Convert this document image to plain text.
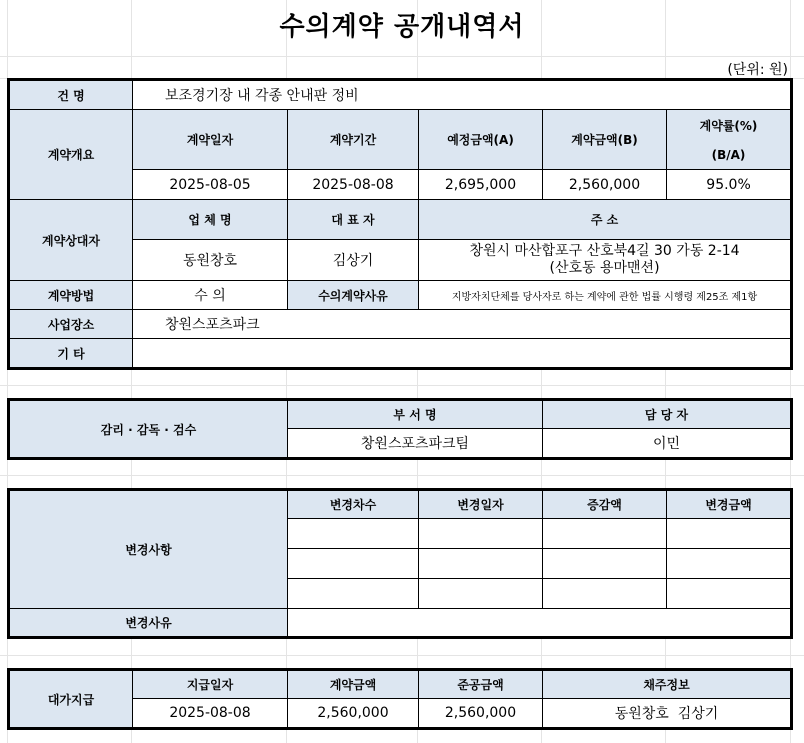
수의계약 공개내역서
(단위: 원)
건 명	보조경기장 내 각종 안내판 정비				
계약개요	계약일자	계약기간	예정금액(A)	계약금액(B)	계약률(%)
(B/A)

	2025-08-05	2025-08-08	2,695,000	2,560,000	95.0%
계약상대자	업 체 명	대 표 자	주 소		
	동원창호	김상기	창원시 마산합포구 산호북4길 30 가동 2-14
(산호동 용마맨션)		

계약방법	수 의	수의계약사유	지방자치단체를 당사자로 하는 계약에 관한 법률 시행령 제25조 제1항		
사업장소	창원스포츠파크				
기 타					
감리 · 감독 · 검수	부 서 명	담 당 자
	창원스포츠파크팀	이민
변경사항	변경차수	변경일자	증감액	변경금액

변경사유				
대가지급	지급일자	계약금액	준공금액	채주정보
	2025-08-08	2,560,000	2,560,000	동원창호  김상기
